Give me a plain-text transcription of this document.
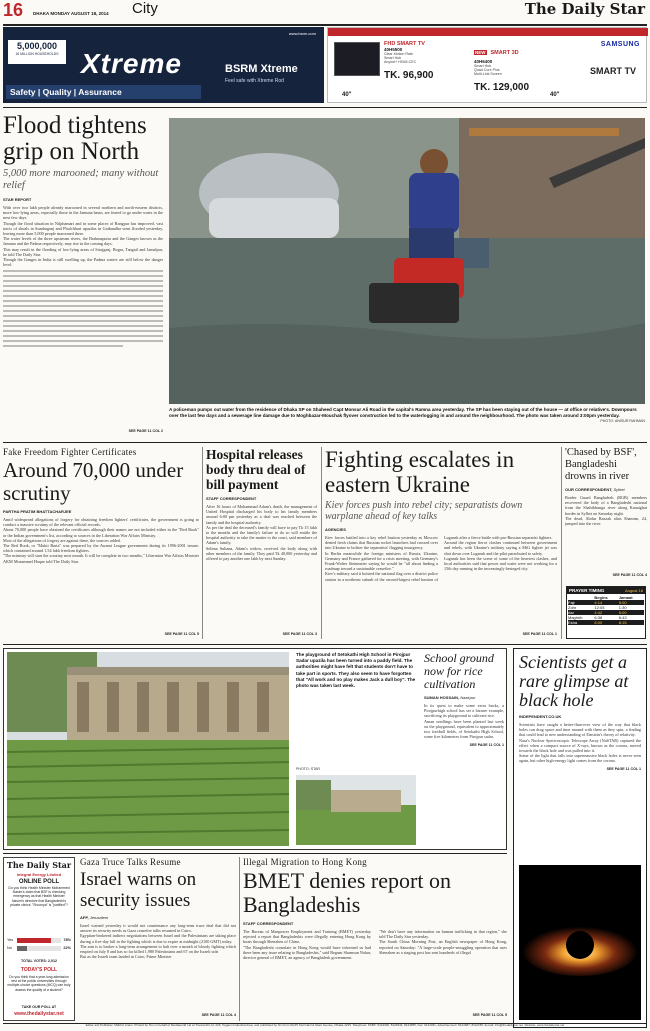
16 DHAKA MONDAY AUGUST 18, 2014 City	The Daily Star
5,000,000
16 MILLION HOUSEHOLDS Xtreme
Safety | Quality | Assurance
BSRM Xtreme
Feel safe with Xtreme Rod
www.bsrm.com
TRANSCOM
40"
FHD SMART TV
40H5500
Clear Motion Rate
Smart Hub
Anynet+ HDMI-CEC
TK. 96,900
NEW SMART 3D
40H6400
Smart Hub
Quad Core Plus
Multi-Link Screen
TK. 129,000
SAMSUNG
SMART TV
40"
Flood tightens grip on North
5,000 more marooned; many without relief
STAR REPORT

With over two lakh people already marooned in several northern and north-eastern districts, more low-lying areas, especially those in the Jamuna basin, are feared to go under water in the next few days.

Though the flood situation in Nilphamari and in some places of Rangpur has improved, vast tracts of shoals in Sundarganj and Phulchhari upazilas in Gaibandha went flooded yesterday, leaving more than 5,000 people marooned there.

The water levels of the three upstream rivers, the Brahmaputra and the Ganges known as the Jamuna and the Padma respectively, may rise in the coming days.

This may result in the flooding of low-lying areas of Sirajganj, Bogra, Tangail and Jamalpur, he told The Daily Star.

Though the Ganges in India is still swelling up, the Padma waters are still below the danger level.

SEE PAGE 11 COL 2
A policeman pumps out water from the residence of Dhaka SP on Shaheed Capt Monsur Ali Road in the capital's Ramna area yesterday. The SP has been staying out of the house — at office or relative's. Downpours over the last few days and a sewerage line damage due to Moghbazar-Mouchak flyover construction led to the waterlogging in and around the neighbourhood. The photo was taken around 3:00pm yesterday.
PHOTO: ANISUR RAHMAN
Fake Freedom Fighter Certificates
Around 70,000 under scrutiny
PARTHA PRATIM BHATTACHARJEE

Amid widespread allegations of forgery for obtaining freedom fighters' certificates, the government is going to conduct a massive scrutiny of the relevant official records.

About 70,000 people have obtained the certificates although their names are not included either in the "Red Book" or the Indian government's list, according to sources in the Liberation War Affairs Ministry.

Most of the allegations of forgery are against these, the sources added.

The Red Book, or "Mukti Barta" was prepared by the Awami League government during its 1996-2001 tenure, which contained around 1.54 lakh freedom fighters.

"The ministry will start the scrutiny next month. It will be complete in two months," Liberation War Affairs Minister AKM Mozammel Haque told The Daily Star.

SEE PAGE 11 COL 5
Hospital releases body thru deal of bill payment
STAFF CORRESPONDENT

After 16 hours of Mohammad Adam's death, the management of United Hospital discharged his body to his family members around 6:00 pm yesterday as a deal was reached between the family and the hospital authority.

As per the deal the deceased's family will have to pay Tk 15 lakh to the months and the family's failure to do so will entitle the hospital authority to take the matter to the court, said members of Adam's family.

Selima Sultana, Adam's widow, received the body along with other members of the family. They paid Tk 40,000 yesterday and offered to pay another one lakh by next Sunday.

SEE PAGE 11 COL 3
Fighting escalates in eastern Ukraine
Kiev forces push into rebel city; separatists down warplane ahead of key talks
AGENCIES

Kiev forces battled into a key rebel bastion yesterday as Moscow denied fresh claims that Russian rocket launchers had crossed over into Ukraine to bolster the separatists' flagging insurgency.

In Berlin meanwhile the foreign ministers of Russia, Ukraine, Germany and France gathered for a crisis meeting, with Germany's Frank-Walter Steinmeier saying he would be "all about finding a roadmap toward a sustainable ceasefire."

Kiev's military said it hoisted the national flag over a district police station in a northeast suburb of the second-largest rebel bastion of Lugansk after a fierce battle with pro-Russian separatist fighters.

Around the region fierce clashes continued between government and rebels, with Ukraine's military saying a MiG fighter jet was shot down over Lugansk and the pilot parachuted to safety.

Lugansk has been the scene of some of the heaviest clashes, and local authorities said that power and water were not working for a 15th day running in the increasingly besieged city.

SEE PAGE 11 COL 1
'Chased by BSF', Bangladeshi drowns in river
OUR CORRESPONDENT, Sylhet

Border Guard Bangladesh (BGB) members recovered the body of a Bangladeshi national from the Shahibhunga river along Kanaighat border in Sylhet on Saturday night.

The dead, Abdur Razzak alias Shamim, 24, jumped into the river.

SEE PAGE 11 COL 4
PRAYER TIMING	August 18
	Begins	Jamaat
Fajr	4:14	5:00
Zohr	12:05	1:30
Asr	4:42	5:00
Maghrib	6:38	6:43
Esha	8:00	8:15
The playground of Setokathi High School in Pirojpur Sadar upazila has been turned into a paddy field. The authorities might have felt that students don't have to take part in sports. They also seem to have forgotten that "All work and no play makes Jack a dull boy". The photo was taken last week.
PHOTO: STAR
School ground now for rice cultivation
SUMAN HOSSAIN, Nazirpur

In its quest to make some extra bucks, a Pirojpurhigh school has set a bizarre example, sacrificing its playground to cultivate rice.

Aman seedlings have been planted last week on the playground, equivalent to approximately two football fields, of Setokathi High School, some five kilometres from Pirojpur sadar.

SEE PAGE 11 COL 1
Scientists get a rare glimpse at black hole
INDEPENDENT.CO.UK

Scientists have caught a better-than-ever view of the way that black holes can drag space and time around with them as they spin, a finding that could lead to new understanding of Einstein's theory of relativity.

Nasa's Nuclear Spectroscopic Telescope Array (NuSTAR) captured the effect when a compact source of X-rays, known as the corona, moved towards the black hole and was pulled into it.

Some of the light that falls into supermassive black holes is never seen again, but other high-energy light comes from the corona.

SEE PAGE 11 COL 1
The Daily Star
Integral Energy Limited
ONLINE POLL
Do you think Health Minister Mohammed Nasim's claim that BSF is checking emergency as that Health Minister Nasim's directive that Bangladeshi's private clinics' "Shoonya" is "justified"?
Yes	78%
No	22%
TOTAL VOTES: 2,012
TODAY'S POLL
Do you think that a year-long admission test at the public universities through multiple-choice questions (MCQ) can truly assess the quality of a student?
TAKE OUR POLL AT
www.thedailystar.net
Gaza Truce Talks Resume
Israel warns on security issues
AFP, Jerusalem

Israel warned yesterday it would not countenance any long-term truce deal that did not answer its security needs as Gaza ceasefire talks resumed in Cairo.

Egyptian-brokered indirect negotiations between Israel and the Palestinians are taking place during a five-day lull in the fighting which is due to expire at midnight (2100 GMT) today.

The aim is to broker a long-term arrangement to halt over a month of bloody fighting which erupted on July 8 and has so far killed 1,980 Palestinians and 67 on the Israeli side.

But as the Israeli team landed in Cairo, Prime Minister

SEE PAGE 11 COL 4
Illegal Migration to Hong Kong
BMET denies report on Bangladeshis
STAFF CORRESPONDENT

The Bureau of Manpower Employment and Training (BMET) yesterday rejected a report that Bangladeshis were illegally entering Hong Kong by boats through Shenzhen of China.

"The Bangladeshi consulate in Hong Kong would have informed us had there been any issue relating to Bangladeshis," said Begum Shamsun Nahar, director general of BMET, an agency of Bangladesh government.

"We don't have any information on human trafficking in that region," she told The Daily Star yesterday.

The South China Morning Post, an English newspaper of Hong Kong, reported on Saturday: "A large-scale people-smuggling operation that uses Shenzhen as a staging post has sent hundreds of illegal

SEE PAGE 11 COL 5
Editor and Publisher: Mahfuz Anam. Printed by him on behalf of Mediaworld Ltd at Transcraft Ltd, 229, Tejgaon Industrial Area, and published by him from 64-65 Kazi Nazrul Islam Avenue, Dhaka-1215. Telephone: PABX: 9144330, 8124944, 8124955, Fax: 9144331, Advertisement: 8124967, 8112155. E-mail: info@thedailystar.net. Website: www.thedailystar.net
